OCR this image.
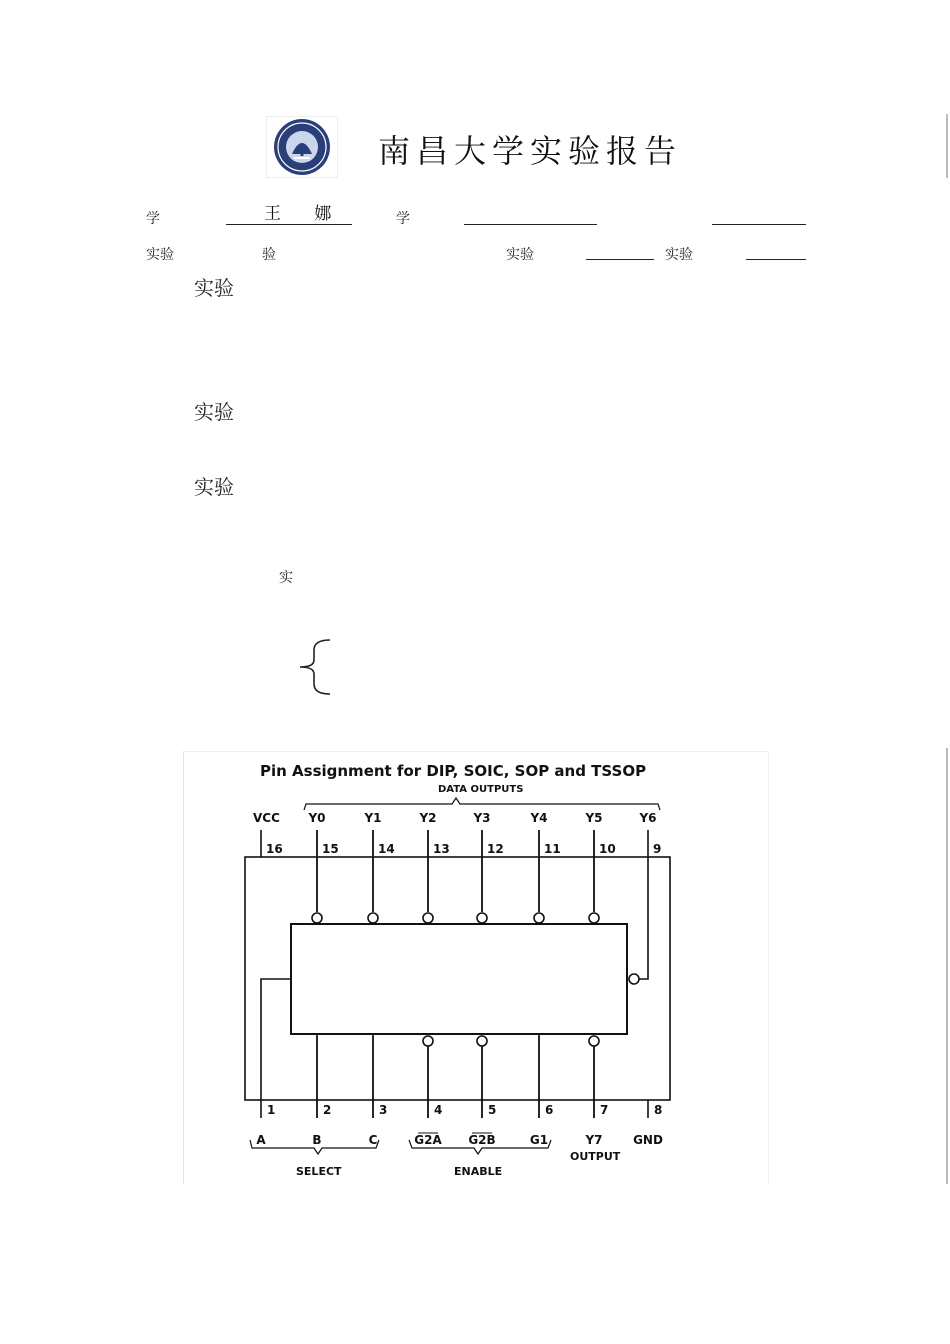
南昌大学实验报告
学	王 娜	学
实验	验	实验	实验
实验
实验
实验
实
Pin Assignment for DIP, SOIC, SOP and TSSOP
DATA OUTPUTS
SELECT	ENABLE
OUTPUT
VCC
16
Y0
15
Y1
14
Y2
13
Y3
12
Y4
11
Y5
10
Y6
9
1
A
2
B
3
C
4
G2A
5
G2B
6
G1
7
Y7
8
GND
